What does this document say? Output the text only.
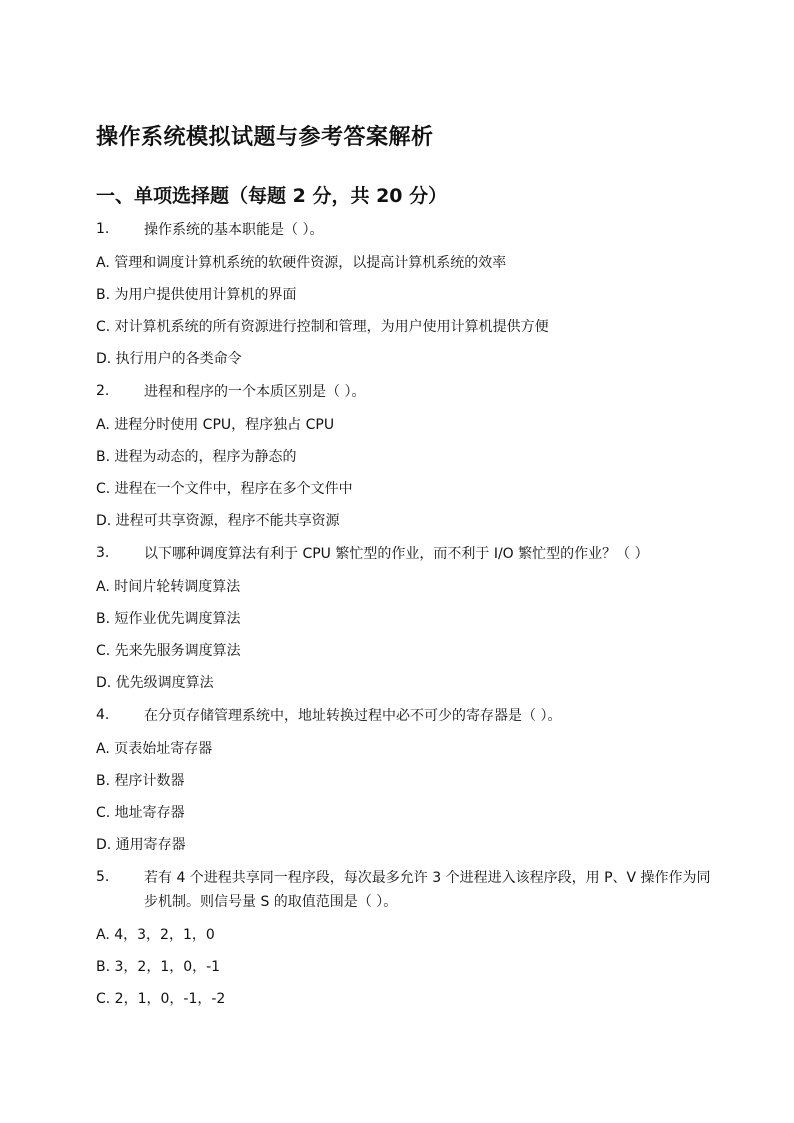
操作系统模拟试题与参考答案解析
一、单项选择题（每题 2 分，共 20 分）
1.	操作系统的基本职能是（ ）。
A. 管理和调度计算机系统的软硬件资源，以提高计算机系统的效率
B. 为用户提供使用计算机的界面
C. 对计算机系统的所有资源进行控制和管理，为用户使用计算机提供方便
D. 执行用户的各类命令
2.	进程和程序的一个本质区别是（ ）。
A. 进程分时使用 CPU，程序独占 CPU
B. 进程为动态的，程序为静态的
C. 进程在一个文件中，程序在多个文件中
D. 进程可共享资源，程序不能共享资源
3.	以下哪种调度算法有利于 CPU 繁忙型的作业，而不利于 I/O 繁忙型的作业？（ ）
A. 时间片轮转调度算法
B. 短作业优先调度算法
C. 先来先服务调度算法
D. 优先级调度算法
4.	在分页存储管理系统中，地址转换过程中必不可少的寄存器是（ ）。
A. 页表始址寄存器
B. 程序计数器
C. 地址寄存器
D. 通用寄存器
5.	若有 4 个进程共享同一程序段，每次最多允许 3 个进程进入该程序段，用 P、V 操作作为同步机制。则信号量 S 的取值范围是（ ）。
A. 4，3，2，1，0
B. 3，2，1，0，-1
C. 2，1，0，-1，-2
